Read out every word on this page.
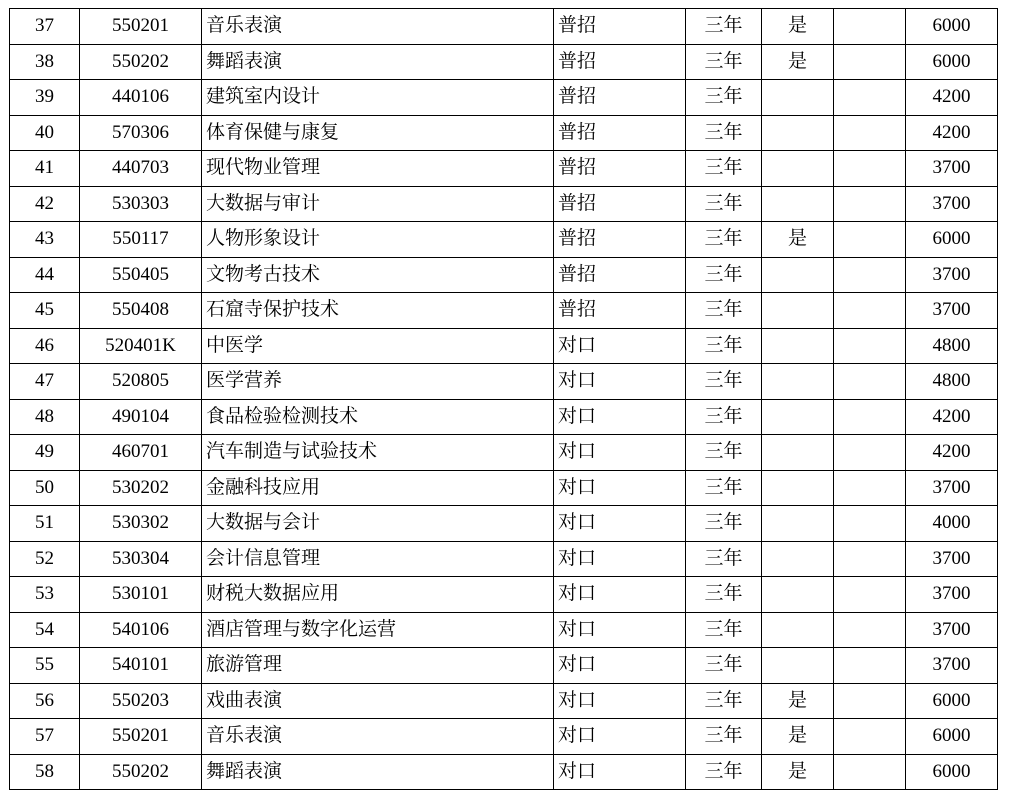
37	550201	音乐表演	普招	三年	是		6000
38	550202	舞蹈表演	普招	三年	是		6000
39	440106	建筑室内设计	普招	三年			4200
40	570306	体育保健与康复	普招	三年			4200
41	440703	现代物业管理	普招	三年			3700
42	530303	大数据与审计	普招	三年			3700
43	550117	人物形象设计	普招	三年	是		6000
44	550405	文物考古技术	普招	三年			3700
45	550408	石窟寺保护技术	普招	三年			3700
46	520401K	中医学	对口	三年			4800
47	520805	医学营养	对口	三年			4800
48	490104	食品检验检测技术	对口	三年			4200
49	460701	汽车制造与试验技术	对口	三年			4200
50	530202	金融科技应用	对口	三年			3700
51	530302	大数据与会计	对口	三年			4000
52	530304	会计信息管理	对口	三年			3700
53	530101	财税大数据应用	对口	三年			3700
54	540106	酒店管理与数字化运营	对口	三年			3700
55	540101	旅游管理	对口	三年			3700
56	550203	戏曲表演	对口	三年	是		6000
57	550201	音乐表演	对口	三年	是		6000
58	550202	舞蹈表演	对口	三年	是		6000
